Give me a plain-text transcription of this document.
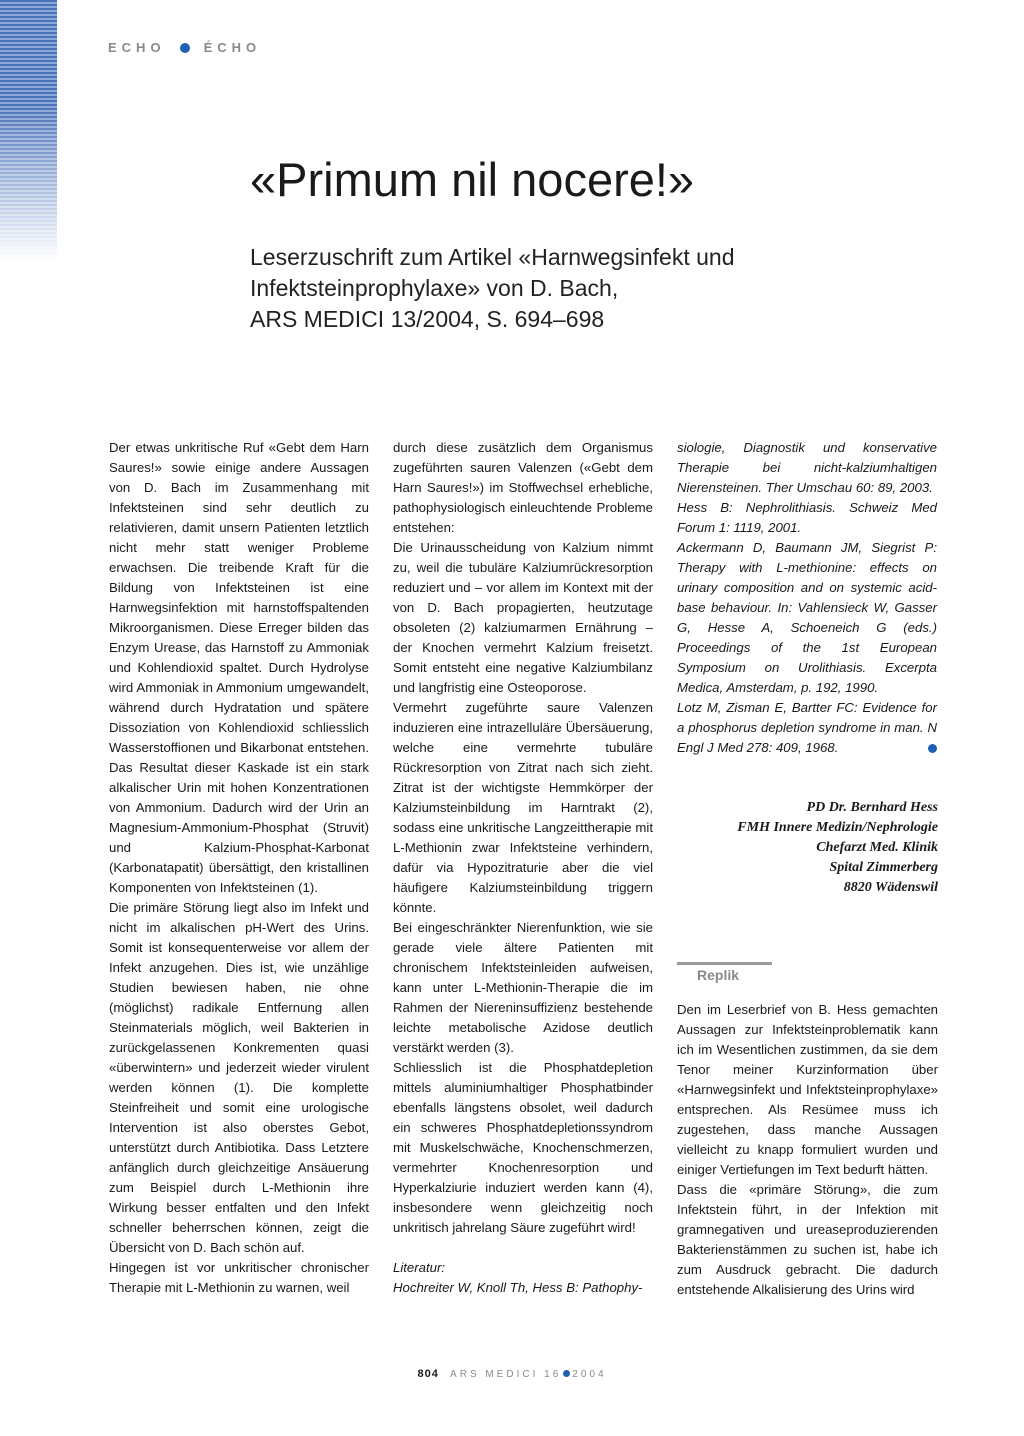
ECHO	ÉCHO
«Primum nil nocere!»
Leserzuschrift zum Artikel «Harnwegsinfekt und
Infektsteinprophylaxe» von D. Bach,
ARS MEDICI 13/2004, S. 694–698

Der etwas unkritische Ruf «Gebt dem Harn Saures!» sowie einige andere Aussagen von D. Bach im Zusammenhang mit Infektsteinen sind sehr deutlich zu relativieren, damit unsern Patienten letztlich nicht mehr statt weniger Probleme erwachsen. Die treibende Kraft für die Bildung von Infektsteinen ist eine Harnwegsinfektion mit harnstoffspaltenden Mikroorganismen. Diese Erreger bilden das Enzym Urease, das Harnstoff zu Ammoniak und Kohlendioxid spaltet. Durch Hydrolyse wird Ammoniak in Ammonium umgewandelt, während durch Hydratation und spätere Dissoziation von Kohlendioxid schliesslich Wasserstoffionen und Bikarbonat entstehen. Das Resultat dieser Kaskade ist ein stark alkalischer Urin mit hohen Konzentrationen von Ammonium. Dadurch wird der Urin an Magnesium-Ammonium-Phosphat (Struvit) und Kalzium-Phosphat-Karbonat (Karbonatapatit) übersättigt, den kristallinen Komponenten von Infektsteinen (1).

Die primäre Störung liegt also im Infekt und nicht im alkalischen pH-Wert des Urins. Somit ist konsequenterweise vor allem der Infekt anzugehen. Dies ist, wie unzählige Studien bewiesen haben, nie ohne (möglichst) radikale Entfernung allen Steinmaterials möglich, weil Bakterien in zurückgelassenen Konkrementen quasi «überwintern» und jederzeit wieder virulent werden können (1). Die komplette Steinfreiheit und somit eine urologische Intervention ist also oberstes Gebot, unterstützt durch Antibiotika. Dass Letztere anfänglich durch gleichzeitige Ansäuerung zum Beispiel durch L-Methionin ihre Wirkung besser entfalten und den Infekt schneller beherrschen können, zeigt die Übersicht von D. Bach schön auf.

Hingegen ist vor unkritischer chronischer Therapie mit L-Methionin zu warnen, weil

durch diese zusätzlich dem Organismus zugeführten sauren Valenzen («Gebt dem Harn Saures!») im Stoffwechsel erhebliche, pathophysiologisch einleuchtende Probleme entstehen:

Die Urinausscheidung von Kalzium nimmt zu, weil die tubuläre Kalziumrückresorption reduziert und – vor allem im Kontext mit der von D. Bach propagierten, heutzutage obsoleten (2) kalziumarmen Ernährung – der Knochen vermehrt Kalzium freisetzt. Somit entsteht eine negative Kalziumbilanz und langfristig eine Osteoporose.

Vermehrt zugeführte saure Valenzen induzieren eine intrazelluläre Übersäuerung, welche eine vermehrte tubuläre Rückresorption von Zitrat nach sich zieht. Zitrat ist der wichtigste Hemmkörper der Kalziumsteinbildung im Harntrakt (2), sodass eine unkritische Langzeittherapie mit L-Methionin zwar Infektsteine verhindern, dafür via Hypozitraturie aber die viel häufigere Kalziumsteinbildung triggern könnte.

Bei eingeschränkter Nierenfunktion, wie sie gerade viele ältere Patienten mit chronischem Infektsteinleiden aufweisen, kann unter L-Methionin-Therapie die im Rahmen der Niereninsuffizienz bestehende leichte metabolische Azidose deutlich verstärkt werden (3).

Schliesslich ist die Phosphatdepletion mittels aluminiumhaltiger Phosphatbinder ebenfalls längstens obsolet, weil dadurch ein schweres Phosphatdepletionssyndrom mit Muskelschwäche, Knochenschmerzen, vermehrter Knochenresorption und Hyperkalziurie induziert werden kann (4), insbesondere wenn gleichzeitig noch unkritisch jahrelang Säure zugeführt wird!

Literatur:

Hochreiter W, Knoll Th, Hess B: Pathophy-

siologie, Diagnostik und konservative Therapie bei nicht-kalziumhaltigen Nierensteinen. Ther Umschau 60: 89, 2003.

Hess B: Nephrolithiasis. Schweiz Med Forum 1: 1119, 2001.

Ackermann D, Baumann JM, Siegrist P: Therapy with L-methionine: effects on urinary composition and on systemic acid-base behaviour. In: Vahlensieck W, Gasser G, Hesse A, Schoeneich G (eds.) Proceedings of the 1st European Symposium on Urolithiasis. Excerpta Medica, Amsterdam, p. 192, 1990.

Lotz M, Zisman E, Bartter FC: Evidence for a phosphorus depletion syndrome in man. N Engl J Med 278: 409, 1968.

PD Dr. Bernhard Hess
FMH Innere Medizin/Nephrologie
Chefarzt Med. Klinik
Spital Zimmerberg
8820 Wädenswil
Replik

Den im Leserbrief von B. Hess gemachten Aussagen zur Infektsteinproblematik kann ich im Wesentlichen zustimmen, da sie dem Tenor meiner Kurzinformation über «Harnwegsinfekt und Infektsteinprophylaxe» entsprechen. Als Resümee muss ich zugestehen, dass manche Aussagen vielleicht zu knapp formuliert wurden und einiger Vertiefungen im Text bedurft hätten.

Dass die «primäre Störung», die zum Infektstein führt, in der Infektion mit gramnegativen und ureaseproduzierenden Bakterienstämmen zu suchen ist, habe ich zum Ausdruck gebracht. Die dadurch entstehende Alkalisierung des Urins wird

804 ARS MEDICI 16 2004
